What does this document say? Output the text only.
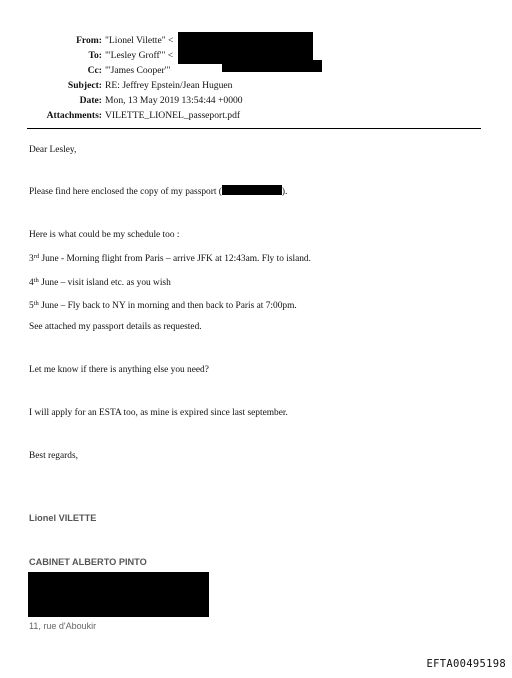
From: "Lionel Vilette" <
To: "'Lesley Groff'" <
Cc: "'James Cooper'"
Subject: RE: Jeffrey Epstein/Jean Huguen
Date: Mon, 13 May 2019 13:54:44 +0000
Attachments: VILETTE_LIONEL_passeport.pdf
Dear Lesley,
Please find here enclosed the copy of my passport (	).
Here is what could be my schedule too :
3rd June - Morning flight from Paris – arrive JFK at 12:43am. Fly to island.
4th June – visit island etc. as you wish
5th June – Fly back to NY in morning and then back to Paris at 7:00pm.
See attached my passport details as requested.
Let me know if there is anything else you need?
I will apply for an ESTA too, as mine is expired since last september.
Best regards,
Lionel VILETTE
CABINET ALBERTO PINTO
11, rue d'Aboukir
EFTA00495198
